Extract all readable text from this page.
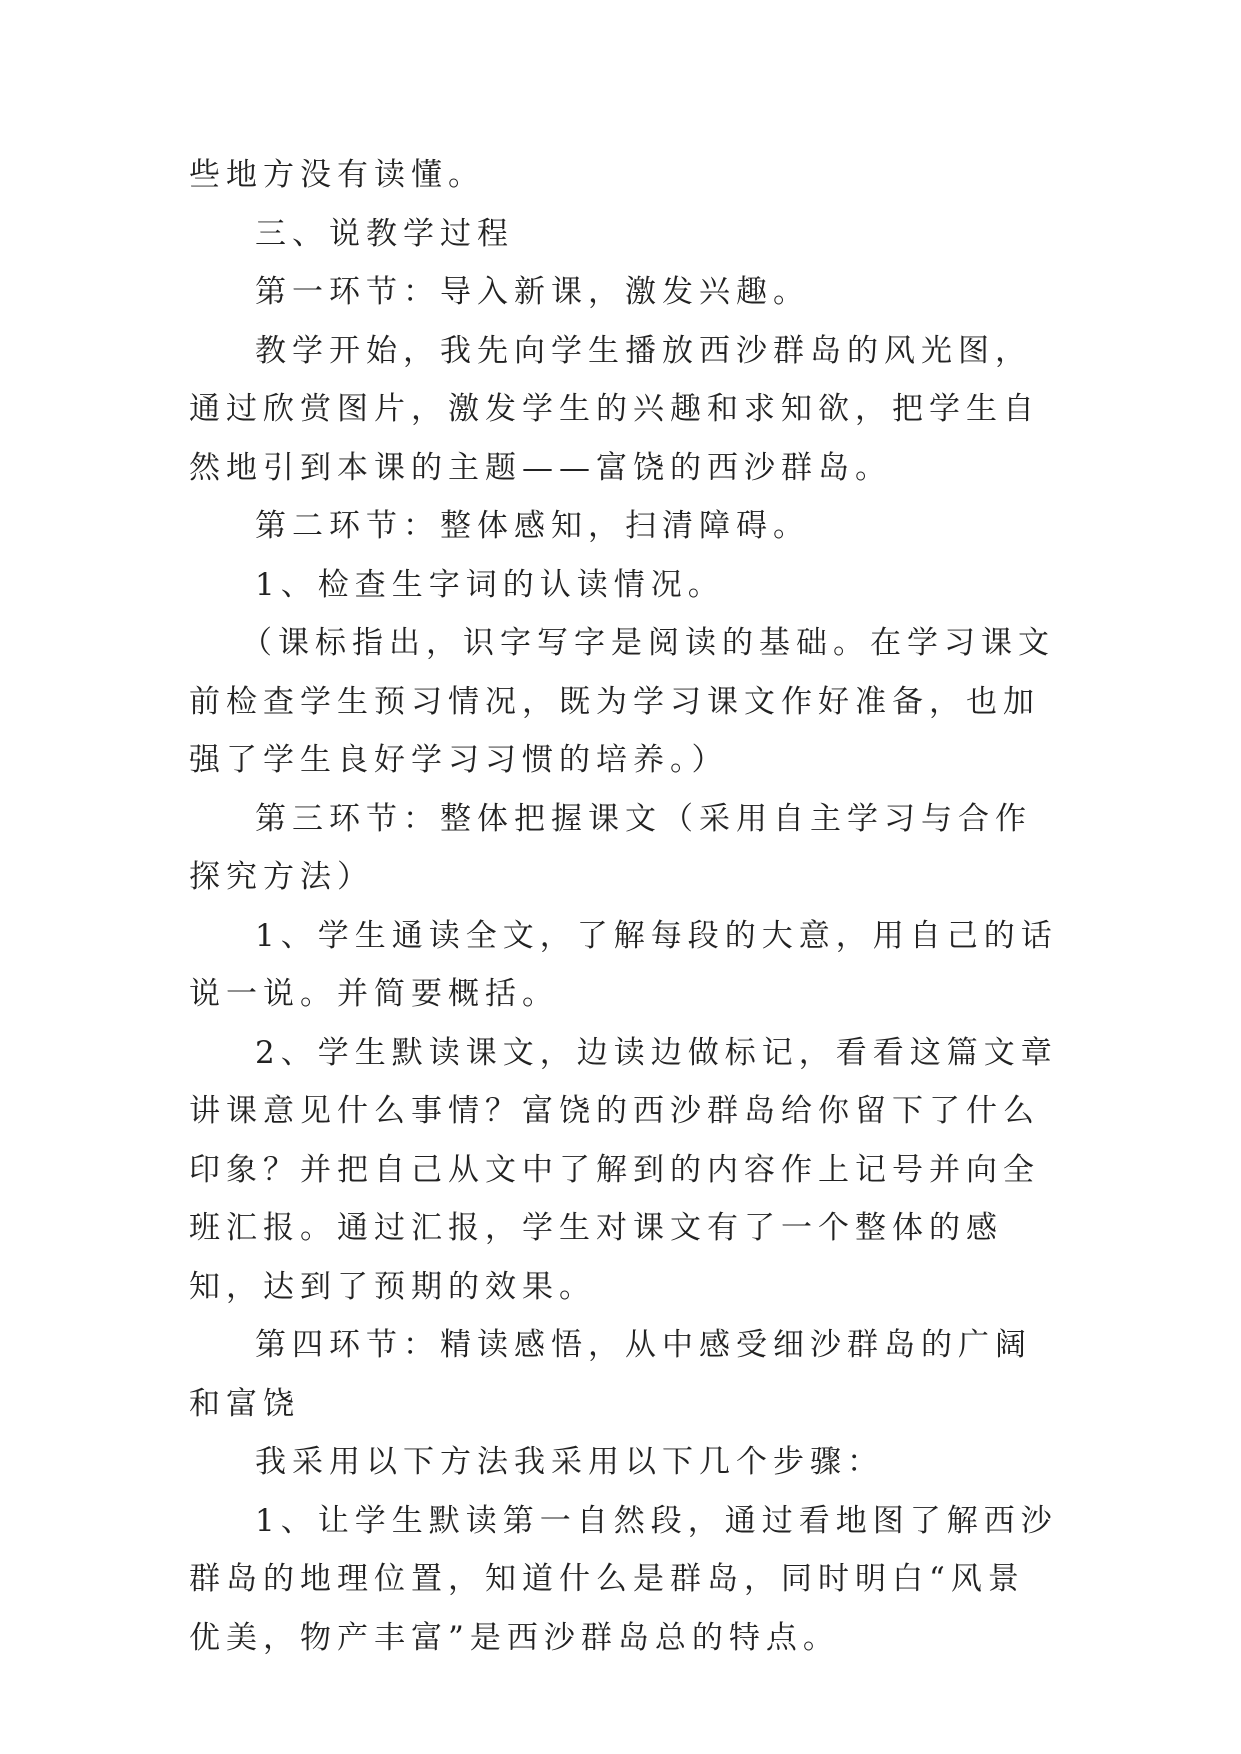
些地方没有读懂。

三、说教学过程

第一环节：导入新课，激发兴趣。

教学开始，我先向学生播放西沙群岛的风光图，通过欣赏图片，激发学生的兴趣和求知欲，把学生自然地引到本课的主题——富饶的西沙群岛。

第二环节：整体感知，扫清障碍。

1、检查生字词的认读情况。

（课标指出，识字写字是阅读的基础。在学习课文前检查学生预习情况，既为学习课文作好准备，也加强了学生良好学习习惯的培养。）

第三环节：整体把握课文（采用自主学习与合作探究方法）

1、学生通读全文，了解每段的大意，用自己的话说一说。并简要概括。

2、学生默读课文，边读边做标记，看看这篇文章讲课意见什么事情？富饶的西沙群岛给你留下了什么印象？并把自己从文中了解到的内容作上记号并向全班汇报。通过汇报，学生对课文有了一个整体的感知，达到了预期的效果。

第四环节：精读感悟，从中感受细沙群岛的广阔和富饶

我采用以下方法我采用以下几个步骤：

1、让学生默读第一自然段，通过看地图了解西沙群岛的地理位置，知道什么是群岛，同时明白“风景优美，物产丰富”是西沙群岛总的特点。
